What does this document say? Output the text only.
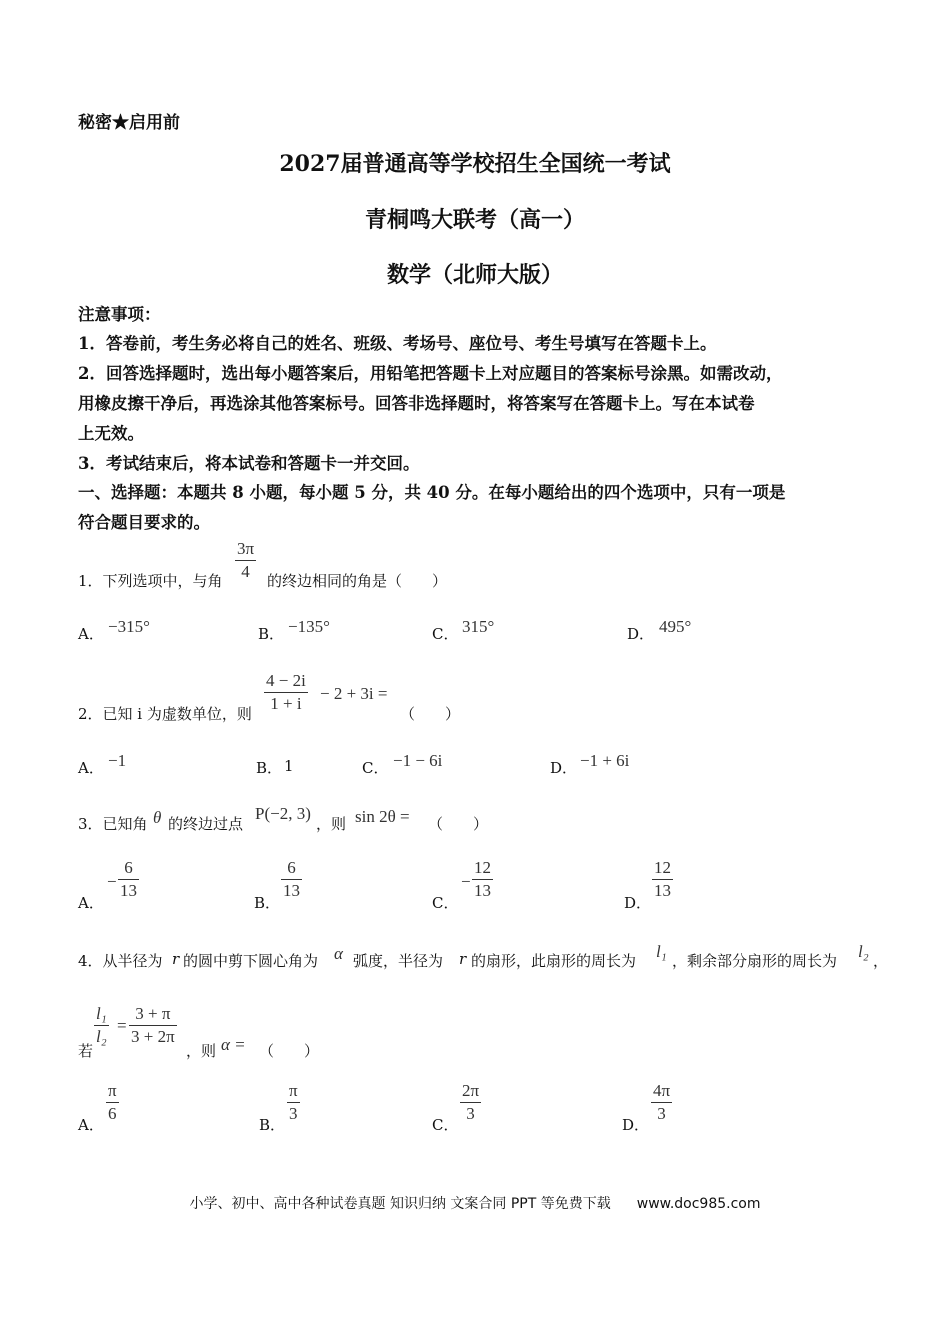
秘密★启用前
2027届普通高等学校招生全国统一考试
青桐鸣大联考（高一）
数学（北师大版）
注意事项：
1．答卷前，考生务必将自己的姓名、班级、考场号、座位号、考生号填写在答题卡上。
2．回答选择题时，选出每小题答案后，用铅笔把答题卡上对应题目的答案标号涂黑。如需改动，
用橡皮擦干净后，再选涂其他答案标号。回答非选择题时，将答案写在答题卡上。写在本试卷
上无效。
3．考试结束后，将本试卷和答题卡一并交回。
一、选择题：本题共 8 小题，每小题 5 分，共 40 分。在每小题给出的四个选项中，只有一项是
符合题目要求的。
1．下列选项中，与角 $\frac{3\pi}{4}$ 的终边相同的角是（　　）
A． −315°	B． −135°	C． 315°	D． 495°
2．已知 i 为虚数单位，则 $\frac{4 - 2i}{1 + i} - 2 + 3i$ =
（　　）
A． −1	B． 1	C． −1 − 6i	D． −1 + 6i
3．已知角 θ 的终边过点
P(−2, 3)
，则 sin 2θ = （　　）
A．
− $\frac{6}{13}$
B．
$\frac{6}{13}$
C．
− $\frac{12}{13}$
D．
$\frac{12}{13}$
4．从半径为 r 的圆中剪下圆心角为 α 弧度，半径为 r 的扇形，此扇形的周长为 l₁ ，剩余部分扇形的周长为 l₂ ，
若
$\frac{\text{l₁}}{\text{l₂}} = \frac{3 + \pi}{3 + 2\pi}$
，则 α = （　　）
A． $\frac{\pi}{6}$	B． $\frac{\pi}{3}$	C． $\frac{2\pi}{3}$	D． $\frac{4\pi}{3}$
小学、初中、高中各种试卷真题 知识归纳 文案合同 PPT 等免费下载 www.doc985.com
